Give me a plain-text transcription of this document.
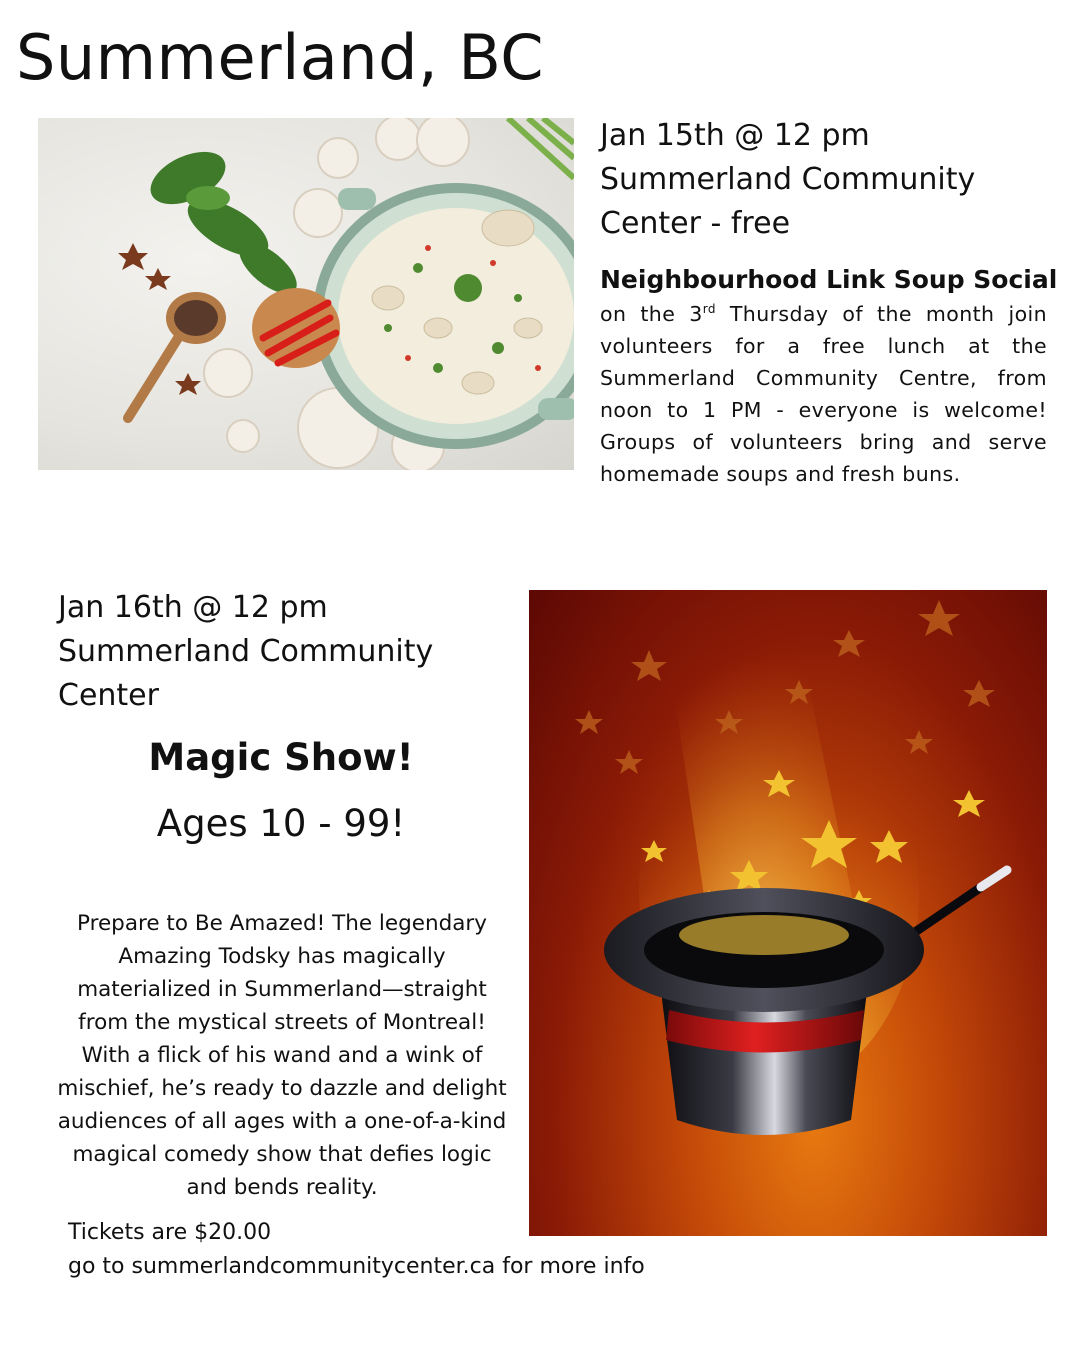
Summerland, BC
Jan 15th @ 12 pm
Summerland Community
Center - free
Neighbourhood Link Soup Social
on the 3rd Thursday of the month join volunteers for a free lunch at the Summerland Community Centre, from noon to 1 PM - everyone is welcome! Groups of volunteers bring and serve homemade soups and fresh buns.
Jan 16th @ 12 pm
Summerland Community
Center
Magic Show!
Ages 10 - 99!
Prepare to Be Amazed! The legendary Amazing Todsky has magically materialized in Summerland—straight from the mystical streets of Montreal! With a flick of his wand and a wink of mischief, he’s ready to dazzle and delight audiences of all ages with a one-of-a-kind magical comedy show that defies logic and bends reality.
Tickets are $20.00
go to summerlandcommunitycenter.ca for more info
